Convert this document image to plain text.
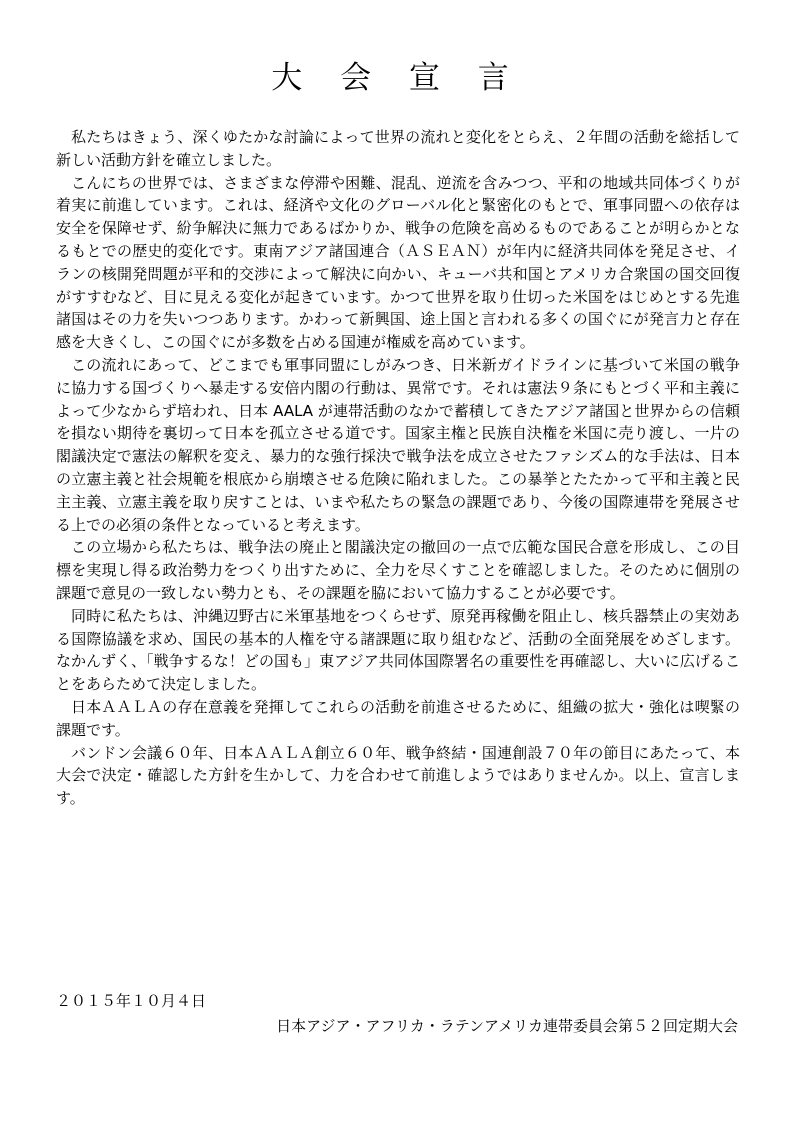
大 会 宣 言

私たちはきょう、深くゆたかな討論によって世界の流れと変化をとらえ、２年間の活動を総括して新しい活動方針を確立しました。

こんにちの世界では、さまざまな停滞や困難、混乱、逆流を含みつつ、平和の地域共同体づくりが着実に前進しています。これは、経済や文化のグローバル化と緊密化のもとで、軍事同盟への依存は安全を保障せず、紛争解決に無力であるばかりか、戦争の危険を高めるものであることが明らかとなるもとでの歴史的変化です。東南アジア諸国連合（ＡＳＥＡＮ）が年内に経済共同体を発足させ、イランの核開発問題が平和的交渉によって解決に向かい、キューバ共和国とアメリカ合衆国の国交回復がすすむなど、目に見える変化が起きています。かつて世界を取り仕切った米国をはじめとする先進諸国はその力を失いつつあります。かわって新興国、途上国と言われる多くの国ぐにが発言力と存在感を大きくし、この国ぐにが多数を占める国連が権威を高めています。

この流れにあって、どこまでも軍事同盟にしがみつき、日米新ガイドラインに基づいて米国の戦争に協力する国づくりへ暴走する安倍内閣の行動は、異常です。それは憲法９条にもとづく平和主義によって少なからず培われ、日本 AALA が連帯活動のなかで蓄積してきたアジア諸国と世界からの信頼を損ない期待を裏切って日本を孤立させる道です。国家主権と民族自決権を米国に売り渡し、一片の閣議決定で憲法の解釈を変え、暴力的な強行採決で戦争法を成立させたファシズム的な手法は、日本の立憲主義と社会規範を根底から崩壊させる危険に陥れました。この暴挙とたたかって平和主義と民主主義、立憲主義を取り戻すことは、いまや私たちの緊急の課題であり、今後の国際連帯を発展させる上での必須の条件となっていると考えます。

この立場から私たちは、戦争法の廃止と閣議決定の撤回の一点で広範な国民合意を形成し、この目標を実現し得る政治勢力をつくり出すために、全力を尽くすことを確認しました。そのために個別の課題で意見の一致しない勢力とも、その課題を脇において協力することが必要です。

同時に私たちは、沖縄辺野古に米軍基地をつくらせず、原発再稼働を阻止し、核兵器禁止の実効ある国際協議を求め、国民の基本的人権を守る諸課題に取り組むなど、活動の全面発展をめざします。なかんずく、「戦争するな！どの国も」東アジア共同体国際署名の重要性を再確認し、大いに広げることをあらためて決定しました。

日本ＡＡＬＡの存在意義を発揮してこれらの活動を前進させるために、組織の拡大・強化は喫緊の課題です。

バンドン会議６０年、日本ＡＡＬＡ創立６０年、戦争終結・国連創設７０年の節目にあたって、本大会で決定・確認した方針を生かして、力を合わせて前進しようではありませんか。以上、宣言します。

２０１５年１０月４日
日本アジア・アフリカ・ラテンアメリカ連帯委員会第５２回定期大会
